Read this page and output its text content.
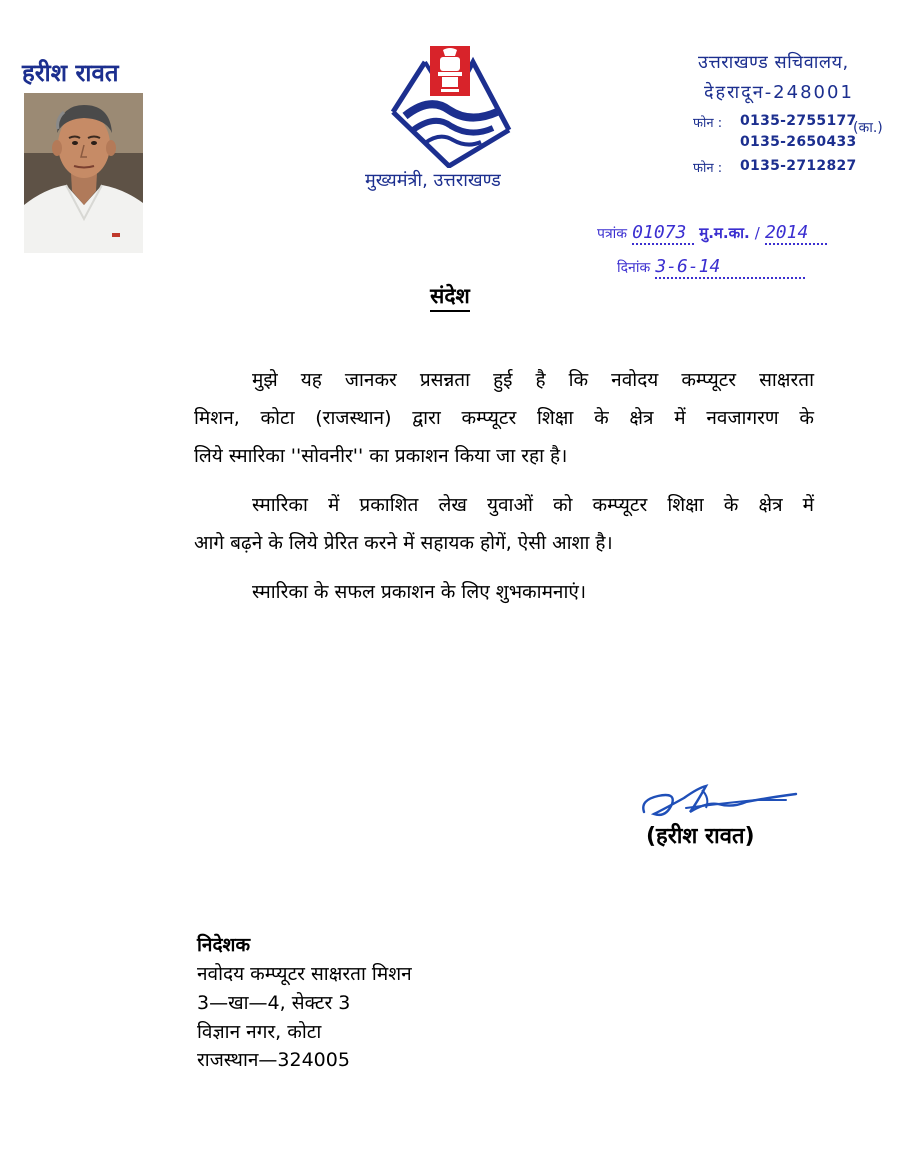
हरीश रावत
मुख्यमंत्री, उत्तराखण्ड
उत्तराखण्ड सचिवालय,
देहरादून-248001
फोन : 0135-2755177
0135-2650433
(का.)
फोन : 0135-2712827
पत्रांक 01073 मु.म.का. / 2014
दिनांक 3-6-14
संदेश
मुझे यह जानकर प्रसन्नता हुई है कि नवोदय कम्प्यूटर साक्षरता
मिशन, कोटा (राजस्थान) द्वारा कम्प्यूटर शिक्षा के क्षेत्र में नवजागरण के
लिये स्मारिका ''सोवनीर'' का प्रकाशन किया जा रहा है।
स्मारिका में प्रकाशित लेख युवाओं को कम्प्यूटर शिक्षा के क्षेत्र में
आगे बढ़ने के लिये प्रेरित करने में सहायक होगें, ऐसी आशा है।
स्मारिका के सफल प्रकाशन के लिए शुभकामनाएं।
(हरीश रावत)
निदेशक
नवोदय कम्प्यूटर साक्षरता मिशन
3—खा—4, सेक्टर 3
विज्ञान नगर, कोटा
राजस्थान—324005
